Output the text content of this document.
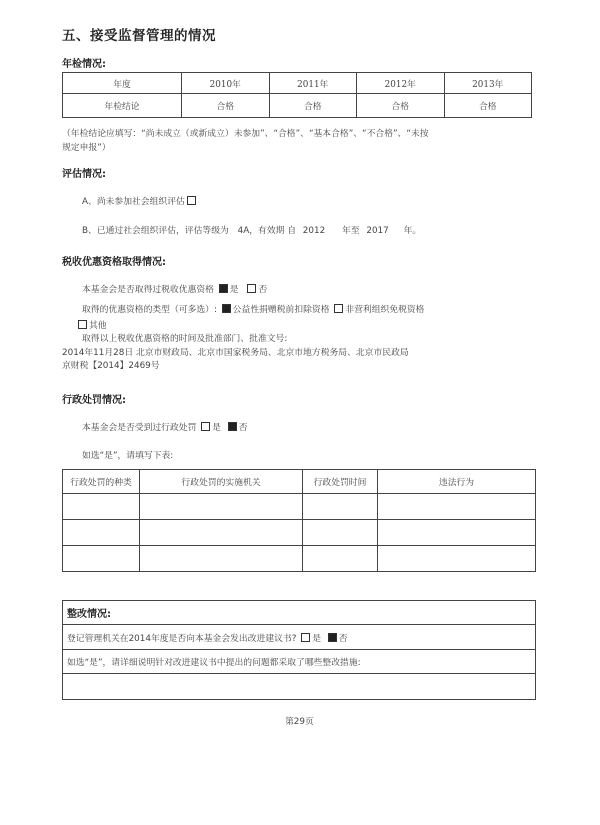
五、接受监督管理的情况
年检情况:
年度	2010年	2011年	2012年	2013年
年检结论	合格	合格	合格	合格
（年检结论应填写：“尚未成立（或新成立）未参加”、“合格”、“基本合格”、“不合格”、“未按
规定申报”）
评估情况:
A、尚未参加社会组织评估
B、已通过社会组织评估，评估等级为 4A，有效期 自 2012 年至 2017 年。
税收优惠资格取得情况:
本基金会是否取得过税收优惠资格 是 否
取得的优惠资格的类型（可多选）: 公益性捐赠税前扣除资格 非营利组织免税资格
其他
取得以上税收优惠资格的时间及批准部门、批准文号:
2014年11月28日 北京市财政局、北京市国家税务局、北京市地方税务局、北京市民政局
京财税【2014】2469号
行政处罚情况:
本基金会是否受到过行政处罚 是 否
如选“是”，请填写下表:
行政处罚的种类	行政处罚的实施机关	行政处罚时间	违法行为

整改情况:
登记管理机关在2014年度是否向本基金会发出改进建议书? 是 否
如选“是”，请详细说明针对改进建议书中提出的问题都采取了哪些整改措施:

第29页
